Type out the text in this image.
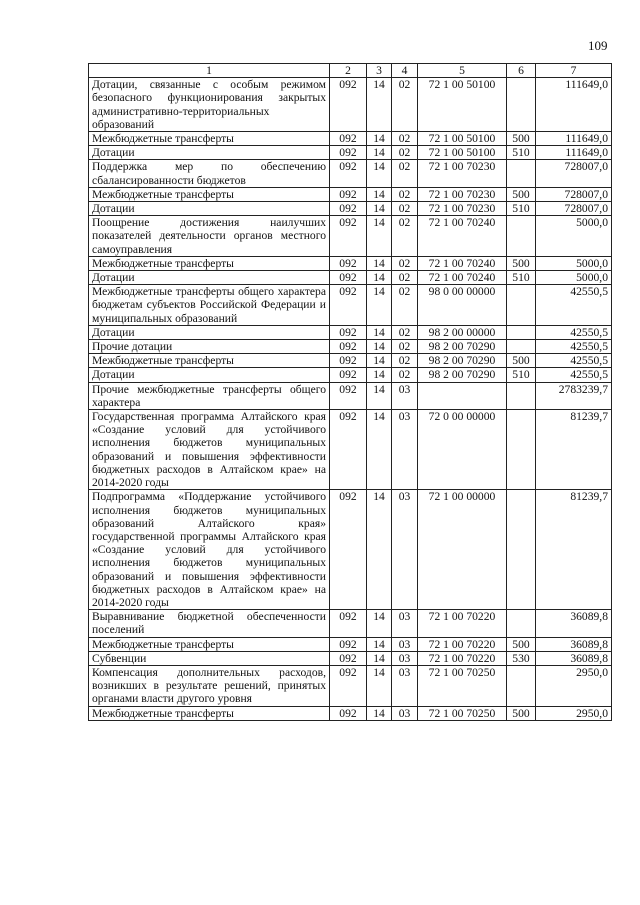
109
1	2	3	4	5	6	7
Дотации, связанные с особым режимом безопасного функционирования закрытых административно-территориальных образований	092	14	02	72 1 00 50100		111649,0
Межбюджетные трансферты	092	14	02	72 1 00 50100	500	111649,0
Дотации	092	14	02	72 1 00 50100	510	111649,0
Поддержка мер по обеспечению сбалансированности бюджетов	092	14	02	72 1 00 70230		728007,0
Межбюджетные трансферты	092	14	02	72 1 00 70230	500	728007,0
Дотации	092	14	02	72 1 00 70230	510	728007,0
Поощрение достижения наилучших показателей деятельности органов местного самоуправления	092	14	02	72 1 00 70240		5000,0
Межбюджетные трансферты	092	14	02	72 1 00 70240	500	5000,0
Дотации	092	14	02	72 1 00 70240	510	5000,0
Межбюджетные трансферты общего характера бюджетам субъектов Российской Федерации и муниципальных образований	092	14	02	98 0 00 00000		42550,5
Дотации	092	14	02	98 2 00 00000		42550,5
Прочие дотации	092	14	02	98 2 00 70290		42550,5
Межбюджетные трансферты	092	14	02	98 2 00 70290	500	42550,5
Дотации	092	14	02	98 2 00 70290	510	42550,5
Прочие межбюджетные трансферты общего характера	092	14	03			2783239,7
Государственная программа Алтайского края «Создание условий для устойчивого исполнения бюджетов муниципальных образований и повышения эффективности бюджетных расходов в Алтайском крае» на 2014-2020 годы	092	14	03	72 0 00 00000		81239,7
Подпрограмма «Поддержание устойчивого исполнения бюджетов муниципальных образований Алтайского края» государственной программы Алтайского края «Создание условий для устойчивого исполнения бюджетов муниципальных образований и повышения эффективности бюджетных расходов в Алтайском крае» на 2014-2020 годы	092	14	03	72 1 00 00000		81239,7
Выравнивание бюджетной обеспеченности поселений	092	14	03	72 1 00 70220		36089,8
Межбюджетные трансферты	092	14	03	72 1 00 70220	500	36089,8
Субвенции	092	14	03	72 1 00 70220	530	36089,8
Компенсация дополнительных расходов, возникших в результате решений, принятых органами власти другого уровня	092	14	03	72 1 00 70250		2950,0
Межбюджетные трансферты	092	14	03	72 1 00 70250	500	2950,0
